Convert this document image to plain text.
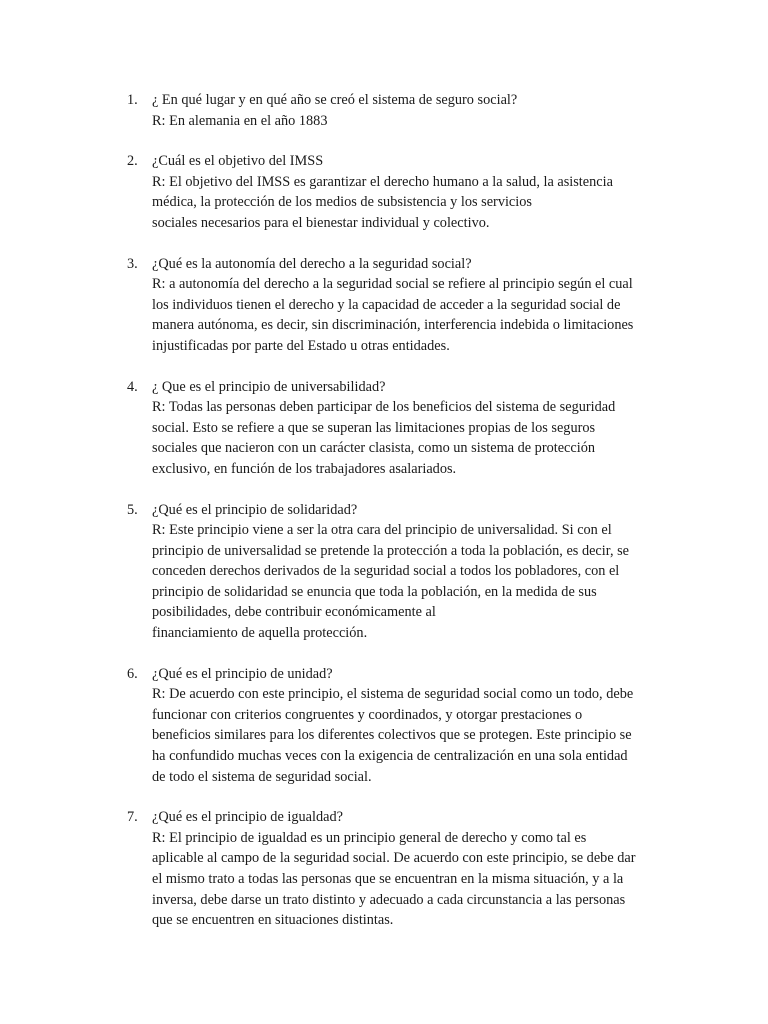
1. ¿ En qué lugar y en qué año se creó el sistema de seguro social?
R: En alemania en el año 1883
2. ¿Cuál es el objetivo del IMSS
R: El objetivo del IMSS es garantizar el derecho humano a la salud, la asistencia
médica, la protección de los medios de subsistencia y los servicios
sociales necesarios para el bienestar individual y colectivo.
3. ¿Qué es la autonomía del derecho a la seguridad social?
R: a autonomía del derecho a la seguridad social se refiere al principio según el cual
los individuos tienen el derecho y la capacidad de acceder a la seguridad social de
manera autónoma, es decir, sin discriminación, interferencia indebida o limitaciones
injustificadas por parte del Estado u otras entidades.
4. ¿ Que es el principio de universabilidad?
R: Todas las personas deben participar de los beneficios del sistema de seguridad
social. Esto se refiere a que se superan las limitaciones propias de los seguros
sociales que nacieron con un carácter clasista, como un sistema de protección
exclusivo, en función de los trabajadores asalariados.
5. ¿Qué es el principio de solidaridad?
R: Este principio viene a ser la otra cara del principio de universalidad. Si con el
principio de universalidad se pretende la protección a toda la población, es decir, se
conceden derechos derivados de la seguridad social a todos los pobladores, con el
principio de solidaridad se enuncia que toda la población, en la medida de sus
posibilidades, debe contribuir económicamente al
financiamiento de aquella protección.
6. ¿Qué es el principio de unidad?
R: De acuerdo con este principio, el sistema de seguridad social como un todo, debe
funcionar con criterios congruentes y coordinados, y otorgar prestaciones o
beneficios similares para los diferentes colectivos que se protegen. Este principio se
ha confundido muchas veces con la exigencia de centralización en una sola entidad
de todo el sistema de seguridad social.
7. ¿Qué es el principio de igualdad?
R: El principio de igualdad es un principio general de derecho y como tal es
aplicable al campo de la seguridad social. De acuerdo con este principio, se debe dar
el mismo trato a todas las personas que se encuentran en la misma situación, y a la
inversa, debe darse un trato distinto y adecuado a cada circunstancia a las personas
que se encuentren en situaciones distintas.
